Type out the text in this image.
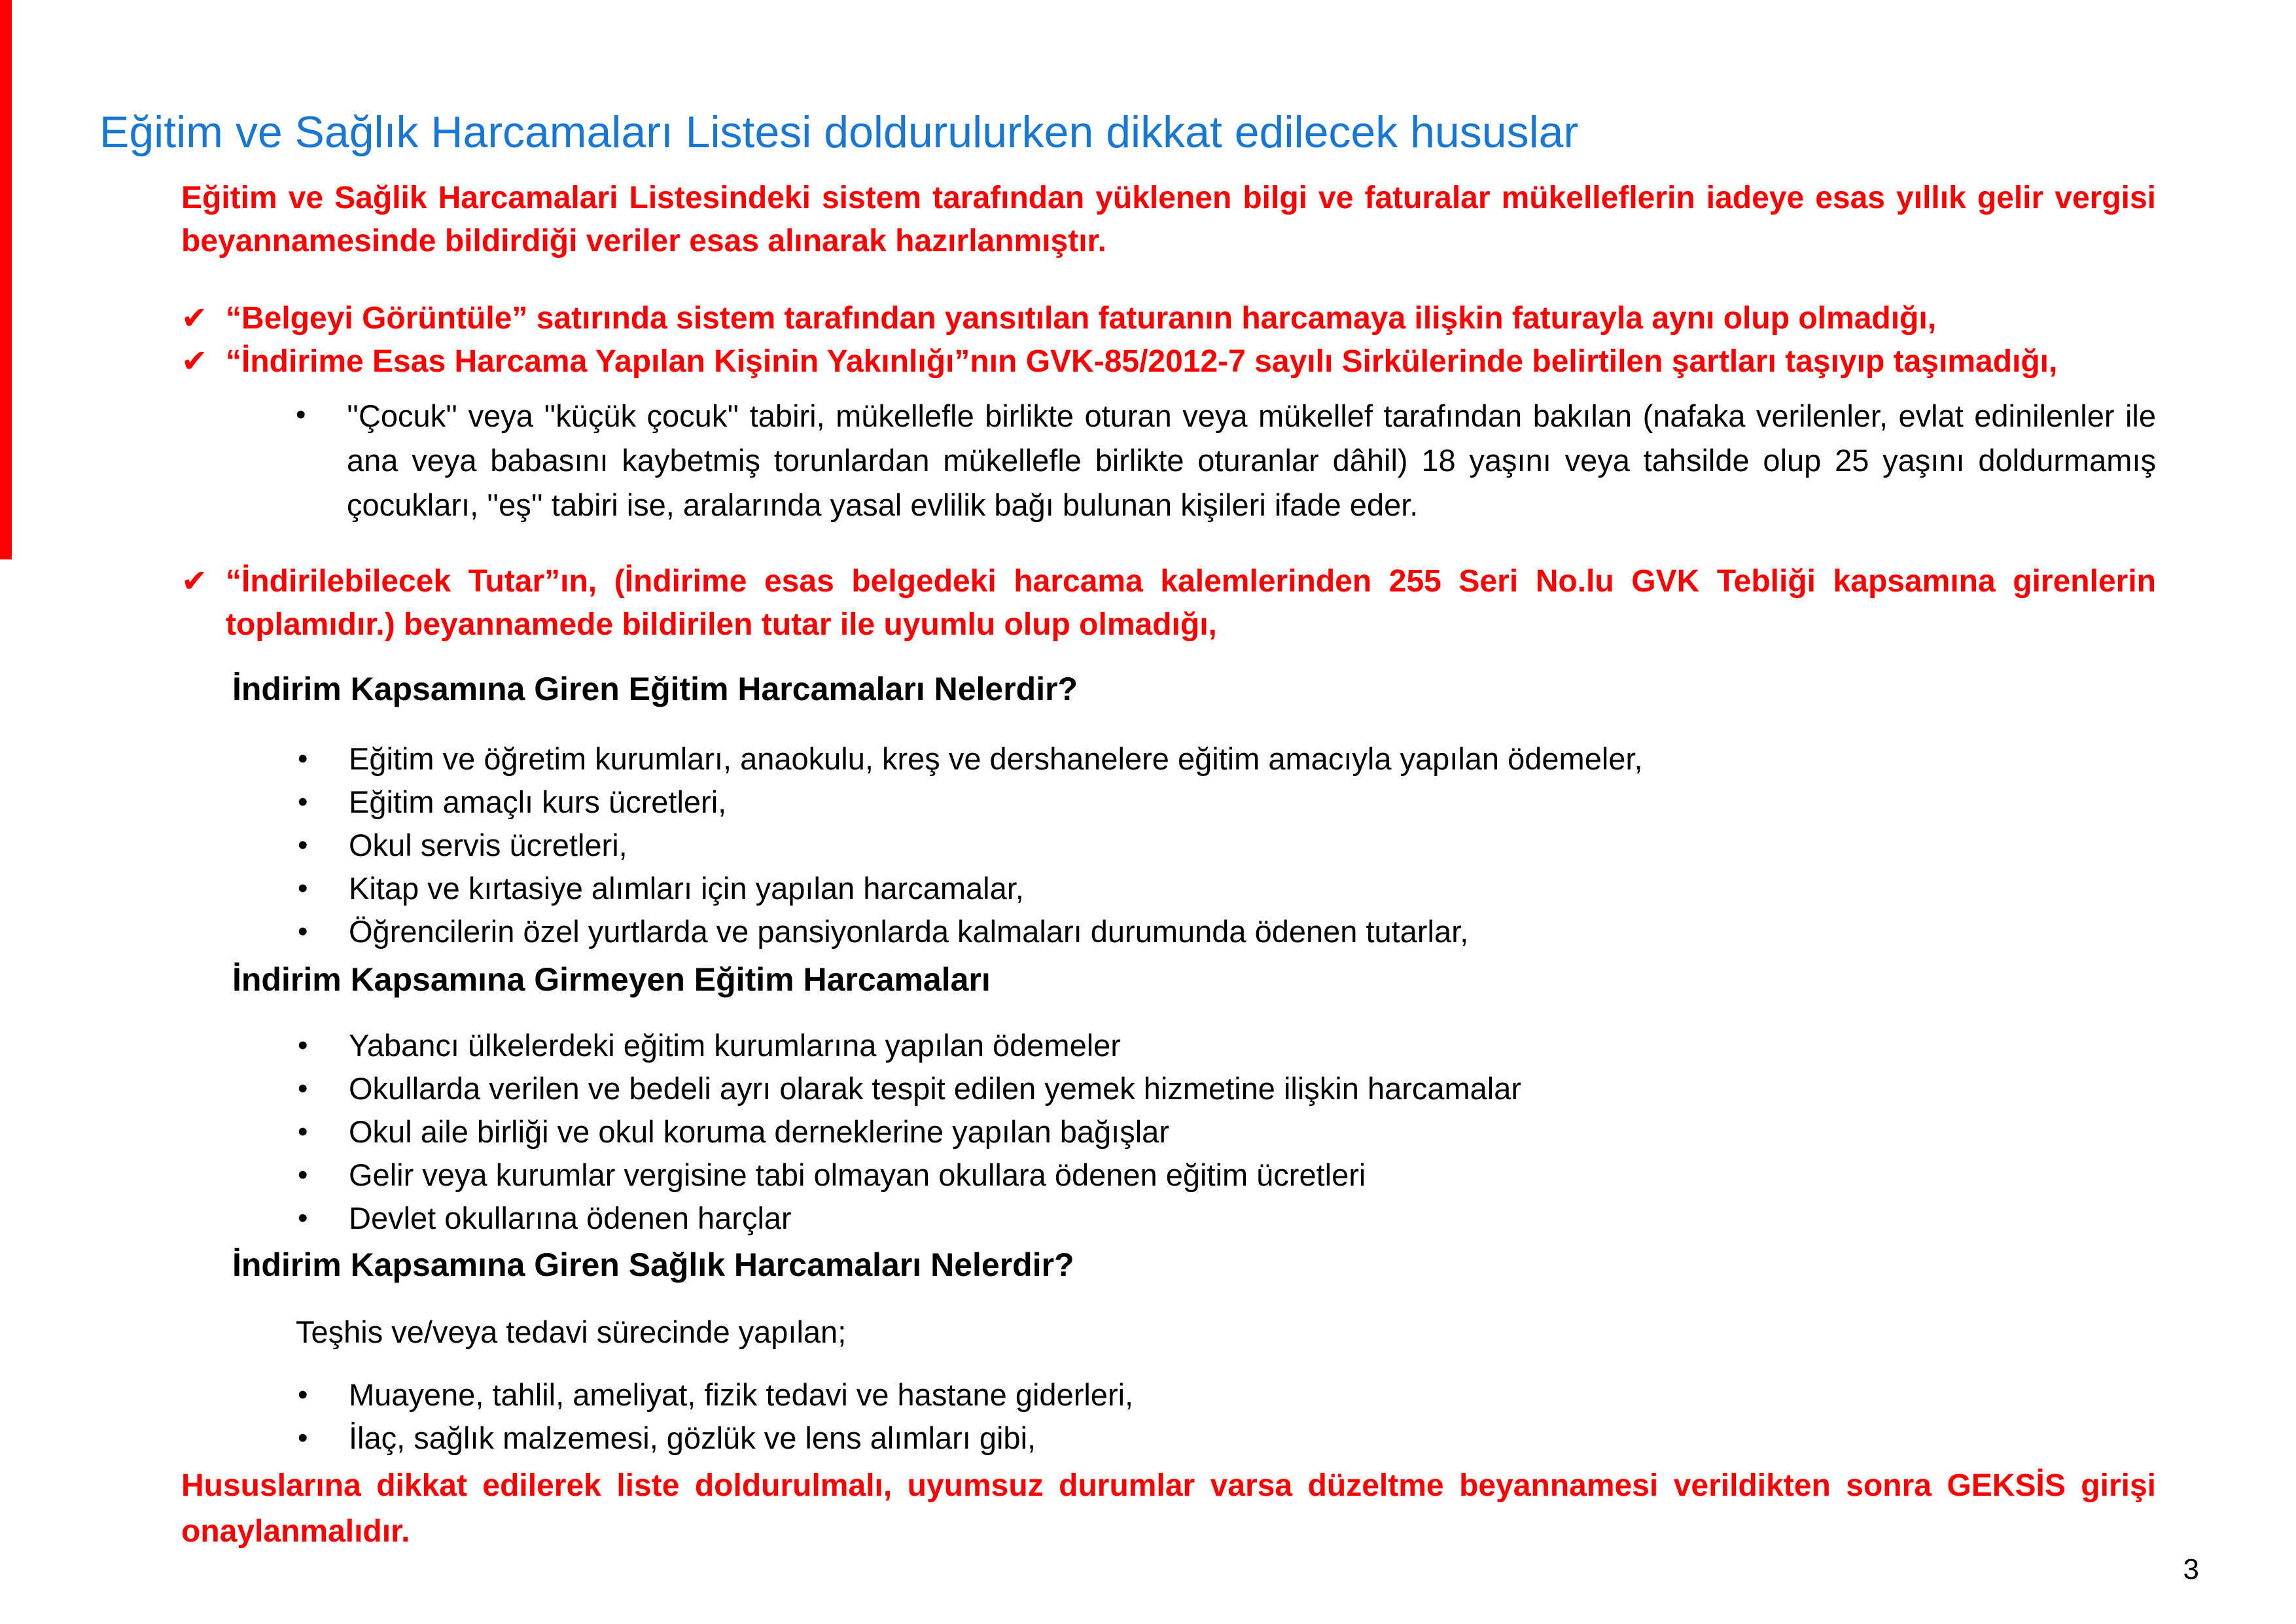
Eğitim ve Sağlık Harcamaları Listesi doldurulurken dikkat edilecek hususlar

Eğitim ve Sağlik Harcamalari Listesindeki sistem tarafından yüklenen bilgi ve faturalar mükelleflerin iadeye esas yıllık gelir vergisi beyannamesinde bildirdiği veriler esas alınarak hazırlanmıştır.

✔ “Belgeyi Görüntüle” satırında sistem tarafından yansıtılan faturanın harcamaya ilişkin faturayla aynı olup olmadığı,

✔ “İndirime Esas Harcama Yapılan Kişinin Yakınlığı”nın GVK-85/2012-7 sayılı Sirkülerinde belirtilen şartları taşıyıp taşımadığı,

•	''Çocuk'' veya ''küçük çocuk'' tabiri, mükellefle birlikte oturan veya mükellef tarafından bakılan (nafaka verilenler, evlat edinilenler ile ana veya babasını kaybetmiş torunlardan mükellefle birlikte oturanlar dâhil) 18 yaşını veya tahsilde olup 25 yaşını doldurmamış çocukları, ''eş'' tabiri ise, aralarında yasal evlilik bağı bulunan kişileri ifade eder.

✔ “İndirilebilecek Tutar”ın, (İndirime esas belgedeki harcama kalemlerinden 255 Seri No.lu GVK Tebliği kapsamına girenlerin toplamıdır.) beyannamede bildirilen tutar ile uyumlu olup olmadığı,

İndirim Kapsamına Giren Eğitim Harcamaları Nelerdir?
•	Eğitim ve öğretim kurumları, anaokulu, kreş ve dershanelere eğitim amacıyla yapılan ödemeler,
•	Eğitim amaçlı kurs ücretleri,
•	Okul servis ücretleri,
•	Kitap ve kırtasiye alımları için yapılan harcamalar,
•	Öğrencilerin özel yurtlarda ve pansiyonlarda kalmaları durumunda ödenen tutarlar,
İndirim Kapsamına Girmeyen Eğitim Harcamaları
•	Yabancı ülkelerdeki eğitim kurumlarına yapılan ödemeler
•	Okullarda verilen ve bedeli ayrı olarak tespit edilen yemek hizmetine ilişkin harcamalar
•	Okul aile birliği ve okul koruma derneklerine yapılan bağışlar
•	Gelir veya kurumlar vergisine tabi olmayan okullara ödenen eğitim ücretleri
•	Devlet okullarına ödenen harçlar
İndirim Kapsamına Giren Sağlık Harcamaları Nelerdir?

Teşhis ve/veya tedavi sürecinde yapılan;

•	Muayene, tahlil, ameliyat, fizik tedavi ve hastane giderleri,
•	İlaç, sağlık malzemesi, gözlük ve lens alımları gibi,

Hususlarına dikkat edilerek liste doldurulmalı, uyumsuz durumlar varsa düzeltme beyannamesi verildikten sonra GEKSİS girişi onaylanmalıdır.

3
